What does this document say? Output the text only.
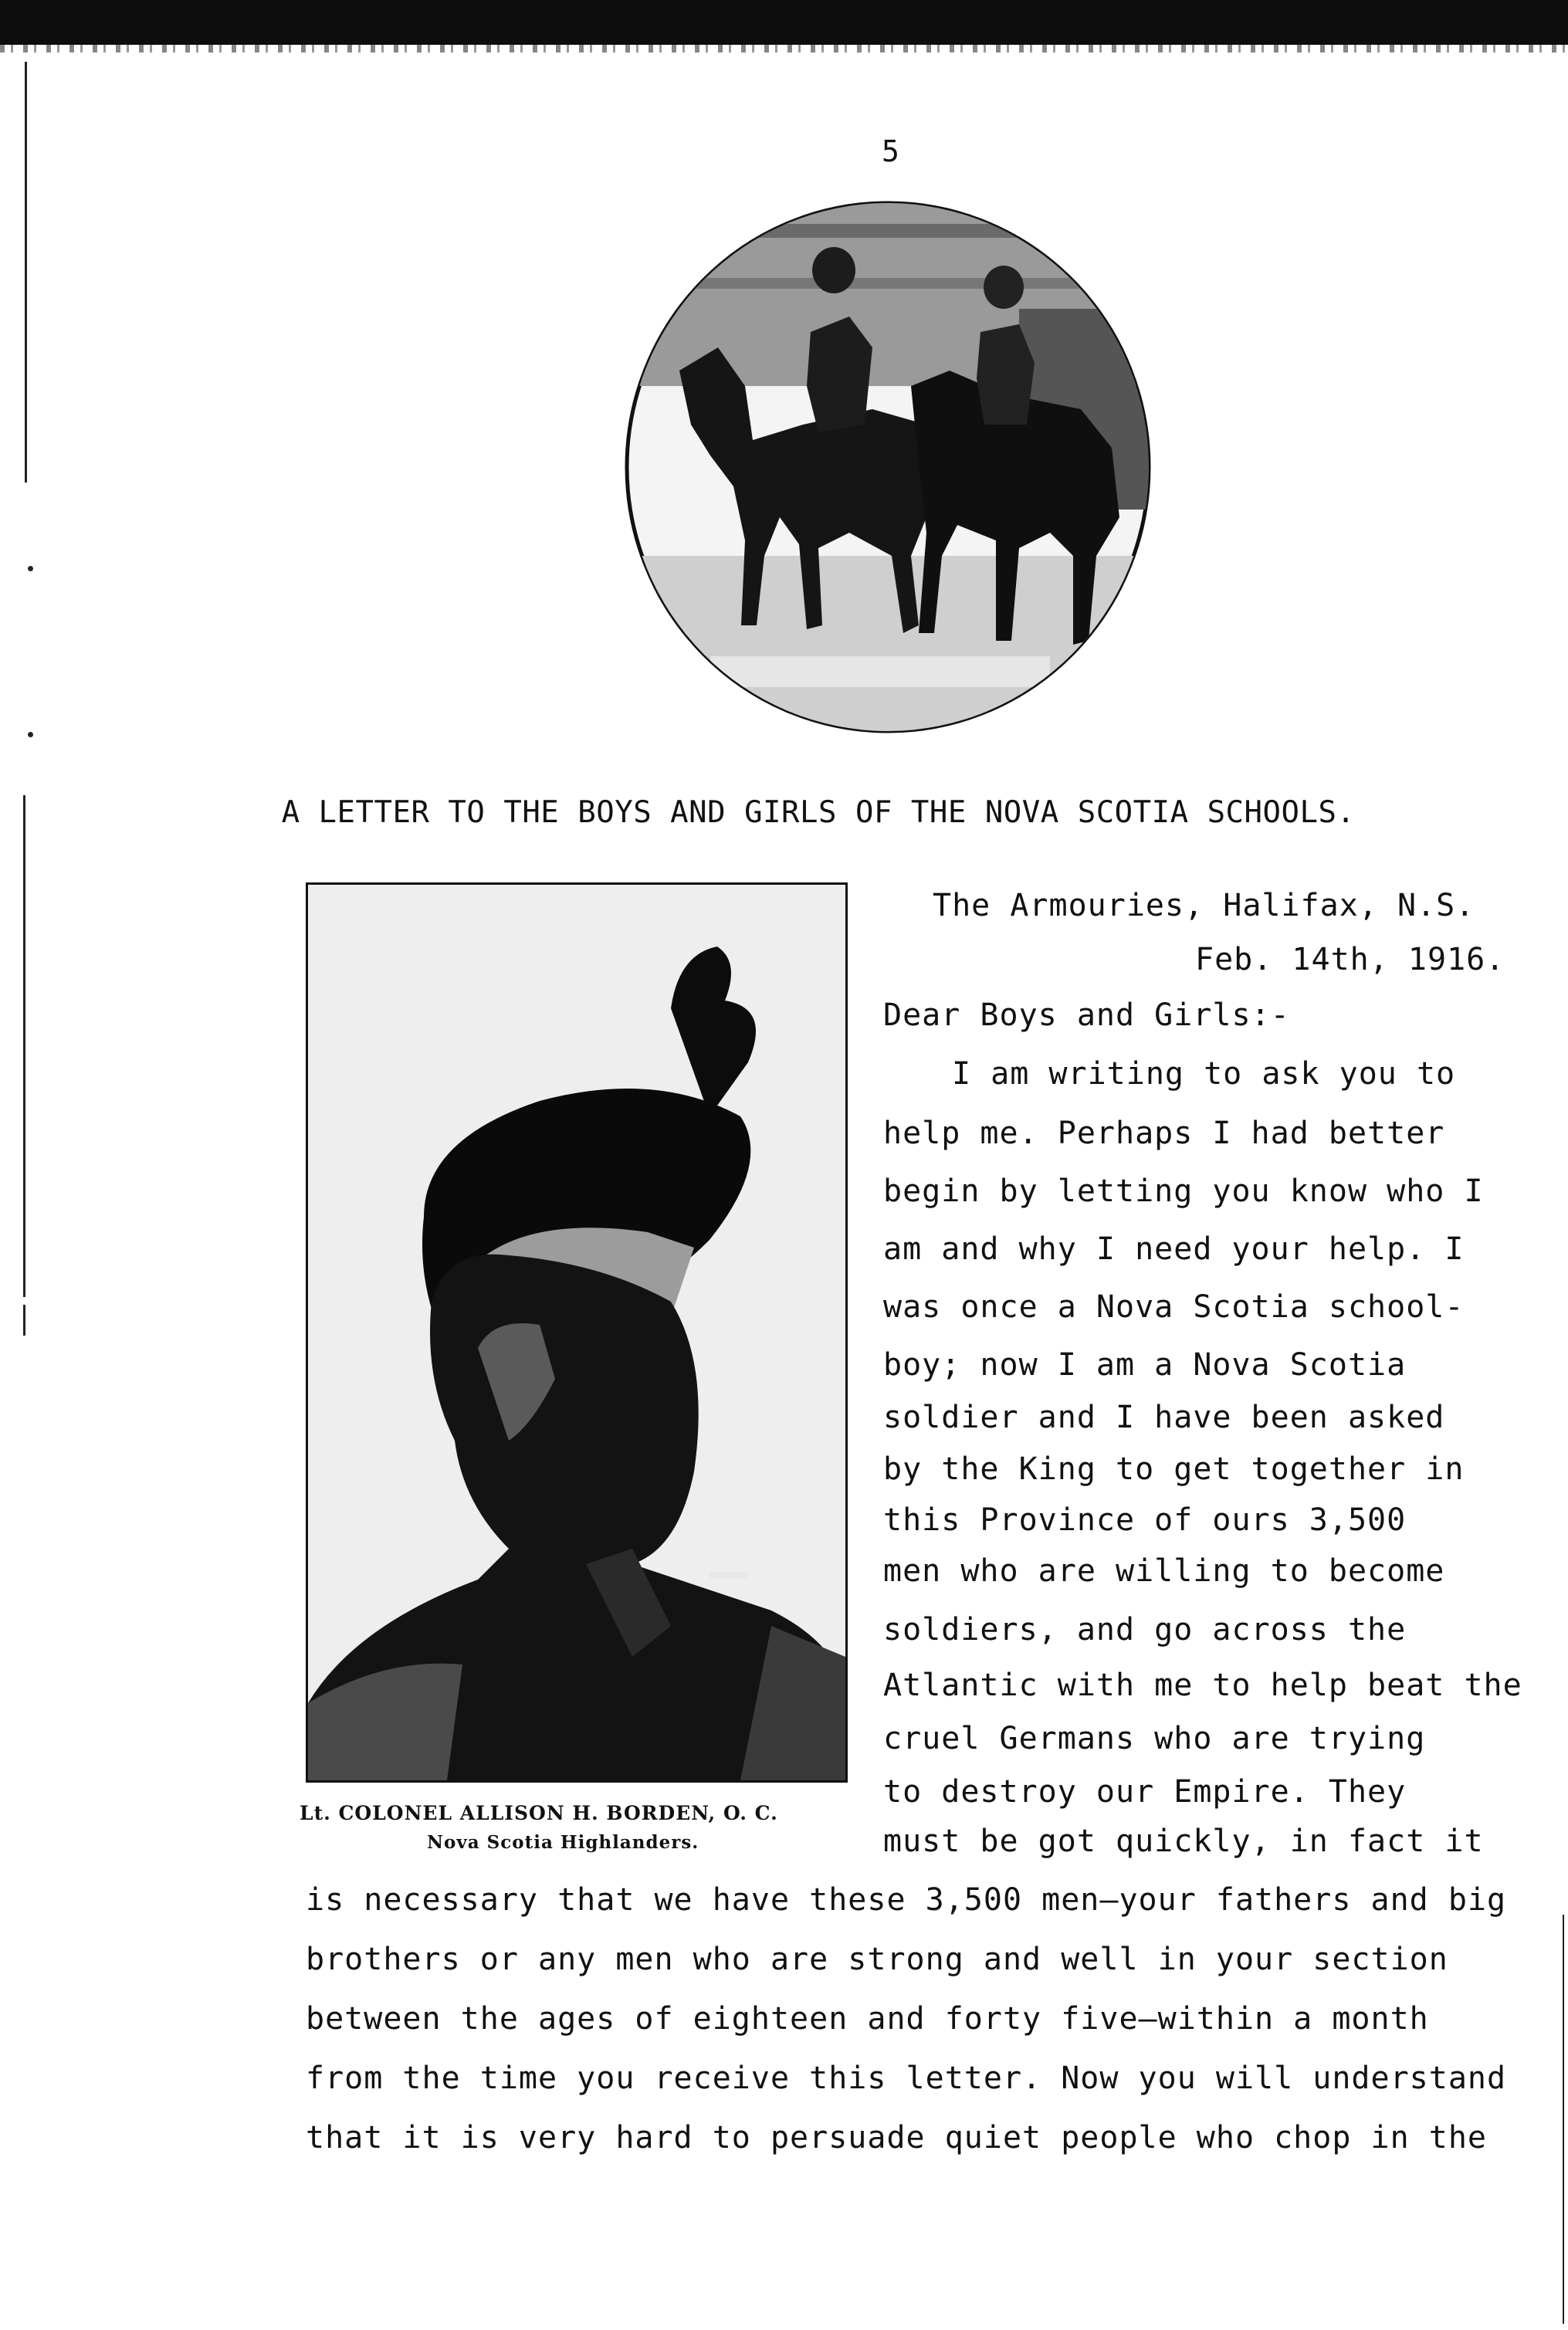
5
A LETTER TO THE BOYS AND GIRLS OF THE NOVA SCOTIA SCHOOLS.
Lt. COLONEL ALLISON H. BORDEN, O. C.
Nova Scotia Highlanders.
The Armouries, Halifax, N.S.
Feb. 14th, 1916.
Dear Boys and Girls:-
I am writing to ask you to
help me. Perhaps I had better
begin by letting you know who I
am and why I need your help. I
was once a Nova Scotia school-
boy; now I am a Nova Scotia
soldier and I have been asked
by the King to get together in
this Province of ours 3,500
men who are willing to become
soldiers, and go across the
Atlantic with me to help beat the
cruel Germans who are trying
to destroy our Empire. They
must be got quickly, in fact it
is necessary that we have these 3,500 men—your fathers and big
brothers or any men who are strong and well in your section
between the ages of eighteen and forty five—within a month
from the time you receive this letter. Now you will understand
that it is very hard to persuade quiet people who chop in the
